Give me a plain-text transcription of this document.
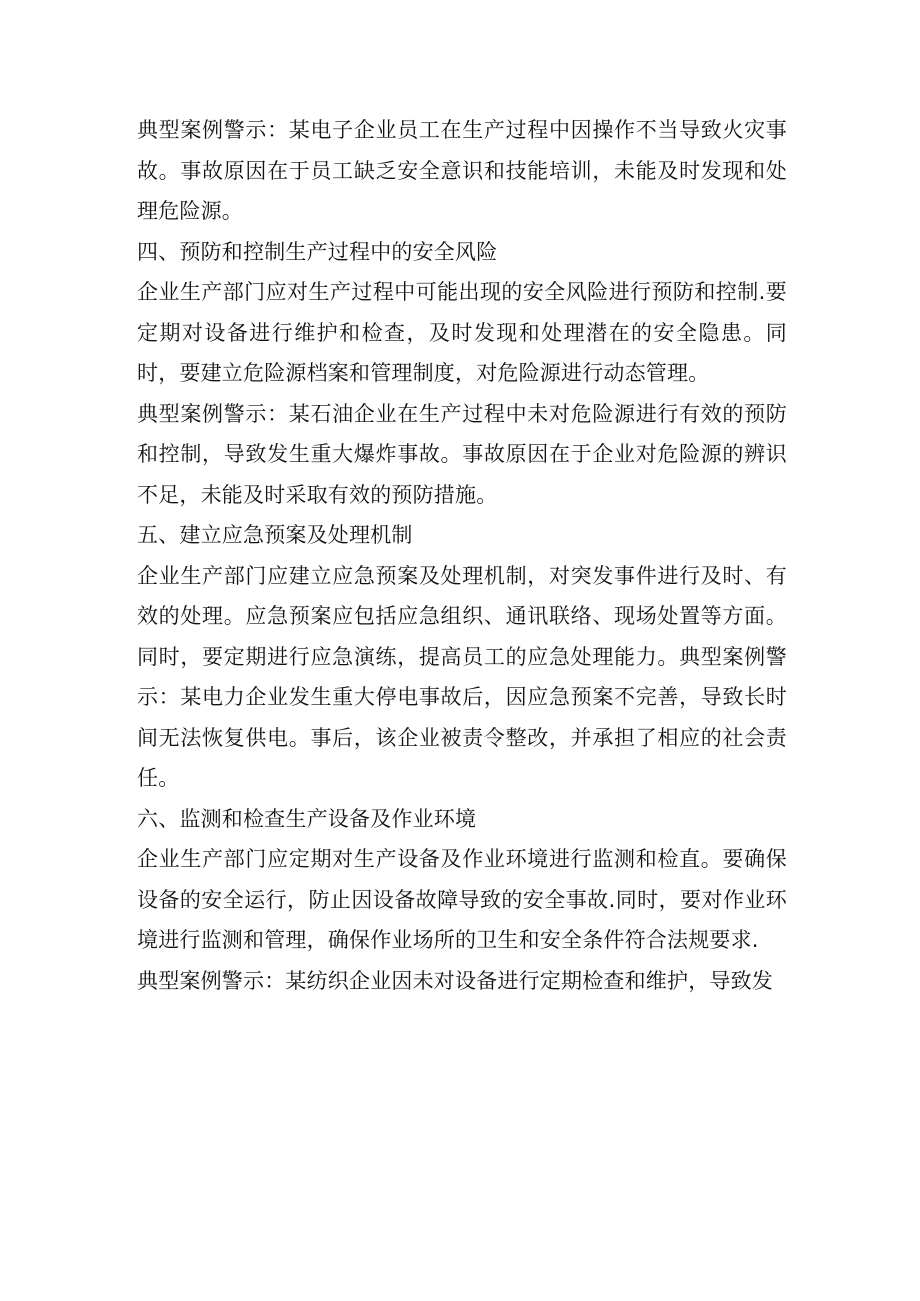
典型案例警示：某电子企业员工在生产过程中因操作不当导致火灾事故。事故原因在于员工缺乏安全意识和技能培训，未能及时发现和处理危险源。

四、预防和控制生产过程中的安全风险

企业生产部门应对生产过程中可能出现的安全风险进行预防和控制.要定期对设备进行维护和检查，及时发现和处理潜在的安全隐患。同时，要建立危险源档案和管理制度，对危险源进行动态管理。

典型案例警示：某石油企业在生产过程中未对危险源进行有效的预防和控制，导致发生重大爆炸事故。事故原因在于企业对危险源的辨识不足，未能及时采取有效的预防措施。

五、建立应急预案及处理机制

企业生产部门应建立应急预案及处理机制，对突发事件进行及时、有效的处理。应急预案应包括应急组织、通讯联络、现场处置等方面。同时，要定期进行应急演练，提高员工的应急处理能力。典型案例警示：某电力企业发生重大停电事故后，因应急预案不完善，导致长时间无法恢复供电。事后，该企业被责令整改，并承担了相应的社会责任。

六、监测和检查生产设备及作业环境

企业生产部门应定期对生产设备及作业环境进行监测和检直。要确保设备的安全运行，防止因设备故障导致的安全事故.同时，要对作业环境进行监测和管理，确保作业场所的卫生和安全条件符合法规要求.

典型案例警示：某纺织企业因未对设备进行定期检查和维护，导致发
